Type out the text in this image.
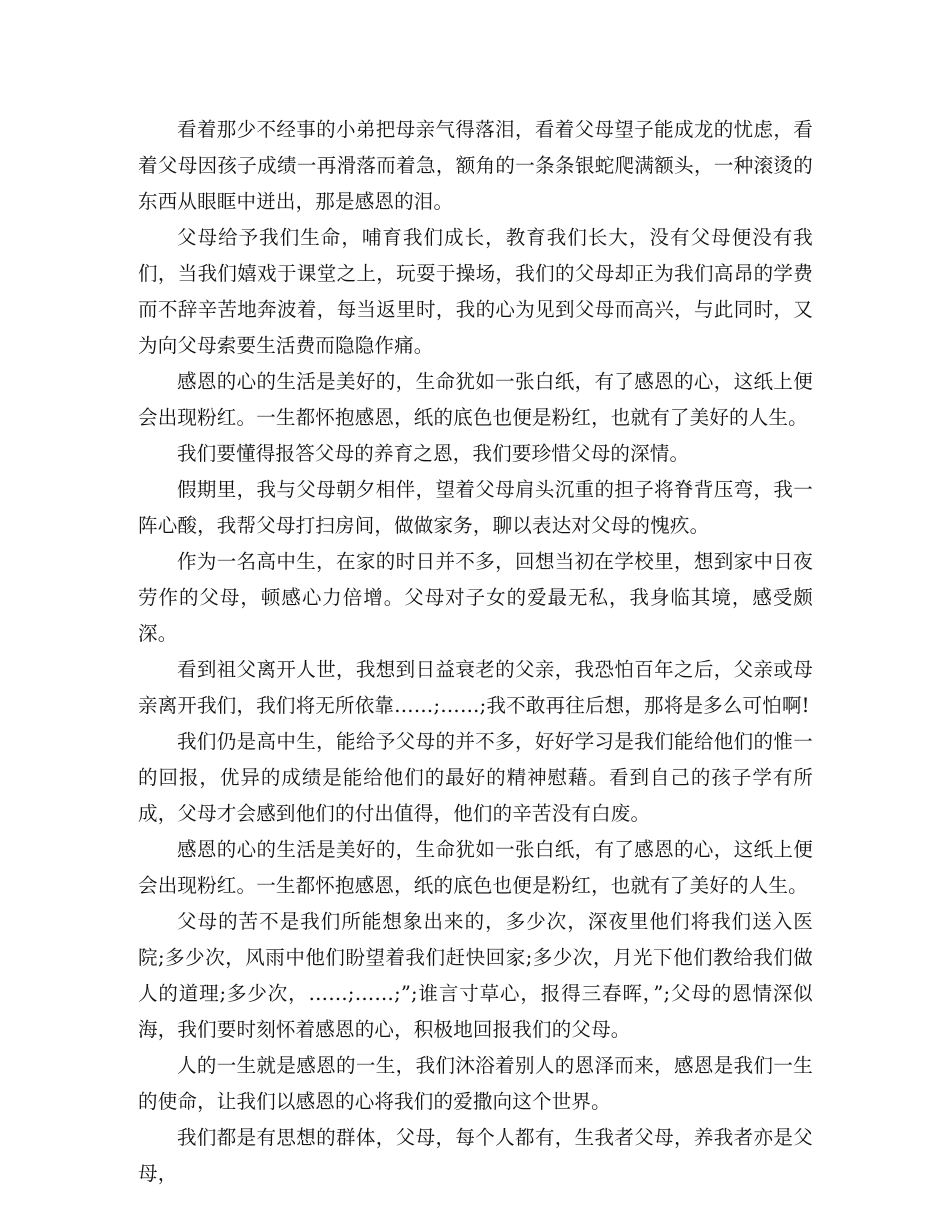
看着那少不经事的小弟把母亲气得落泪，看着父母望子能成龙的忧虑，看着父母因孩子成绩一再滑落而着急，额角的一条条银蛇爬满额头，一种滚烫的东西从眼眶中迸出，那是感恩的泪。

父母给予我们生命，哺育我们成长，教育我们长大，没有父母便没有我们，当我们嬉戏于课堂之上，玩耍于操场，我们的父母却正为我们高昂的学费而不辞辛苦地奔波着，每当返里时，我的心为见到父母而高兴，与此同时，又为向父母索要生活费而隐隐作痛。

感恩的心的生活是美好的，生命犹如一张白纸，有了感恩的心，这纸上便会出现粉红。一生都怀抱感恩，纸的底色也便是粉红，也就有了美好的人生。

我们要懂得报答父母的养育之恩，我们要珍惜父母的深情。

假期里，我与父母朝夕相伴，望着父母肩头沉重的担子将脊背压弯，我一阵心酸，我帮父母打扫房间，做做家务，聊以表达对父母的愧疚。

作为一名高中生，在家的时日并不多，回想当初在学校里，想到家中日夜劳作的父母，顿感心力倍增。父母对子女的爱最无私，我身临其境，感受颇深。

看到祖父离开人世，我想到日益衰老的父亲，我恐怕百年之后，父亲或母亲离开我们，我们将无所依靠……;……;我不敢再往后想，那将是多么可怕啊!

我们仍是高中生，能给予父母的并不多，好好学习是我们能给他们的惟一的回报，优异的成绩是能给他们的最好的精神慰藉。看到自己的孩子学有所成，父母才会感到他们的付出值得，他们的辛苦没有白废。

感恩的心的生活是美好的，生命犹如一张白纸，有了感恩的心，这纸上便会出现粉红。一生都怀抱感恩，纸的底色也便是粉红，也就有了美好的人生。

父母的苦不是我们所能想象出来的，多少次，深夜里他们将我们送入医院;多少次，风雨中他们盼望着我们赶快回家;多少次，月光下他们教给我们做人的道理;多少次，……;……;”;谁言寸草心，报得三春晖，”;父母的恩情深似海，我们要时刻怀着感恩的心，积极地回报我们的父母。

人的一生就是感恩的一生，我们沐浴着别人的恩泽而来，感恩是我们一生的使命，让我们以感恩的心将我们的爱撒向这个世界。

我们都是有思想的群体，父母，每个人都有，生我者父母，养我者亦是父母，
